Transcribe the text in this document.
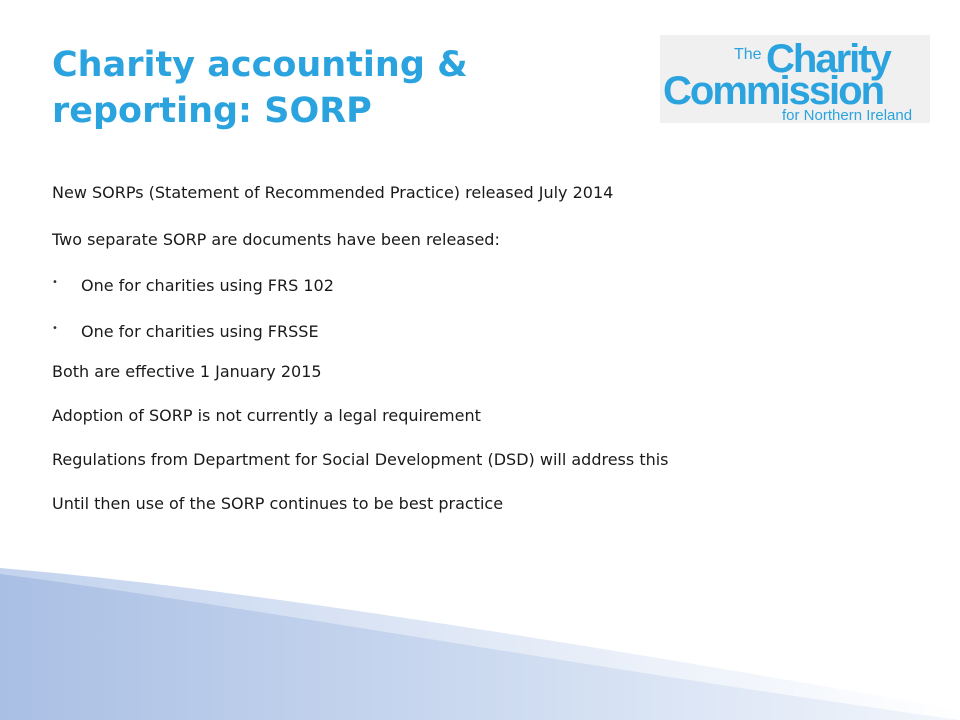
Charity accounting &
reporting: SORP
The Charity
Commission
for Northern Ireland
New SORPs (Statement of Recommended Practice) released July 2014
Two separate SORP are documents have been released:
• One for charities using FRS 102
• One for charities using FRSSE
Both are effective 1 January 2015
Adoption of SORP is not currently a legal requirement
Regulations from Department for Social Development (DSD) will address this
Until then use of the SORP continues to be best practice
